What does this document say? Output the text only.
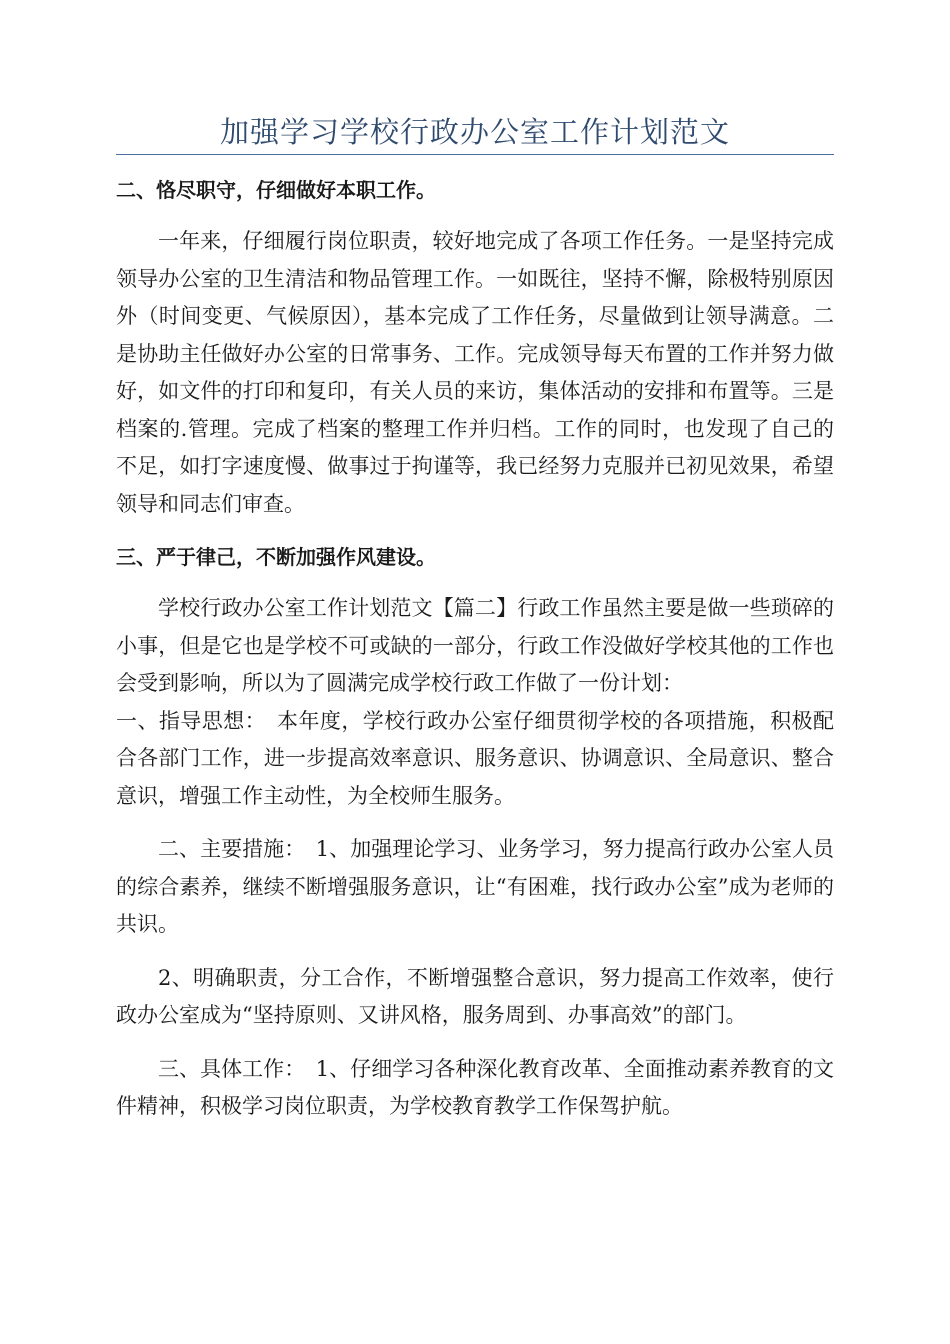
加强学习学校行政办公室工作计划范文
二、恪尽职守，仔细做好本职工作。

一年来，仔细履行岗位职责，较好地完成了各项工作任务。一是坚持完成领导办公室的卫生清洁和物品管理工作。一如既往，坚持不懈，除极特别原因外（时间变更、气候原因），基本完成了工作任务，尽量做到让领导满意。二是协助主任做好办公室的日常事务、工作。完成领导每天布置的工作并努力做好，如文件的打印和复印，有关人员的来访，集体活动的安排和布置等。三是档案的.管理。完成了档案的整理工作并归档。工作的同时，也发现了自己的不足，如打字速度慢、做事过于拘谨等，我已经努力克服并已初见效果，希望领导和同志们审查。

三、严于律己，不断加强作风建设。

学校行政办公室工作计划范文【篇二】行政工作虽然主要是做一些琐碎的小事，但是它也是学校不可或缺的一部分，行政工作没做好学校其他的工作也会受到影响，所以为了圆满完成学校行政工作做了一份计划：

一、指导思想：　本年度，学校行政办公室仔细贯彻学校的各项措施，积极配合各部门工作，进一步提高效率意识、服务意识、协调意识、全局意识、整合意识，增强工作主动性，为全校师生服务。

二、主要措施：　1、加强理论学习、业务学习，努力提高行政办公室人员的综合素养，继续不断增强服务意识，让“有困难，找行政办公室”成为老师的共识。

2、明确职责，分工合作，不断增强整合意识，努力提高工作效率，使行政办公室成为“坚持原则、又讲风格，服务周到、办事高效”的部门。

三、具体工作：　1、仔细学习各种深化教育改革、全面推动素养教育的文件精神，积极学习岗位职责，为学校教育教学工作保驾护航。
